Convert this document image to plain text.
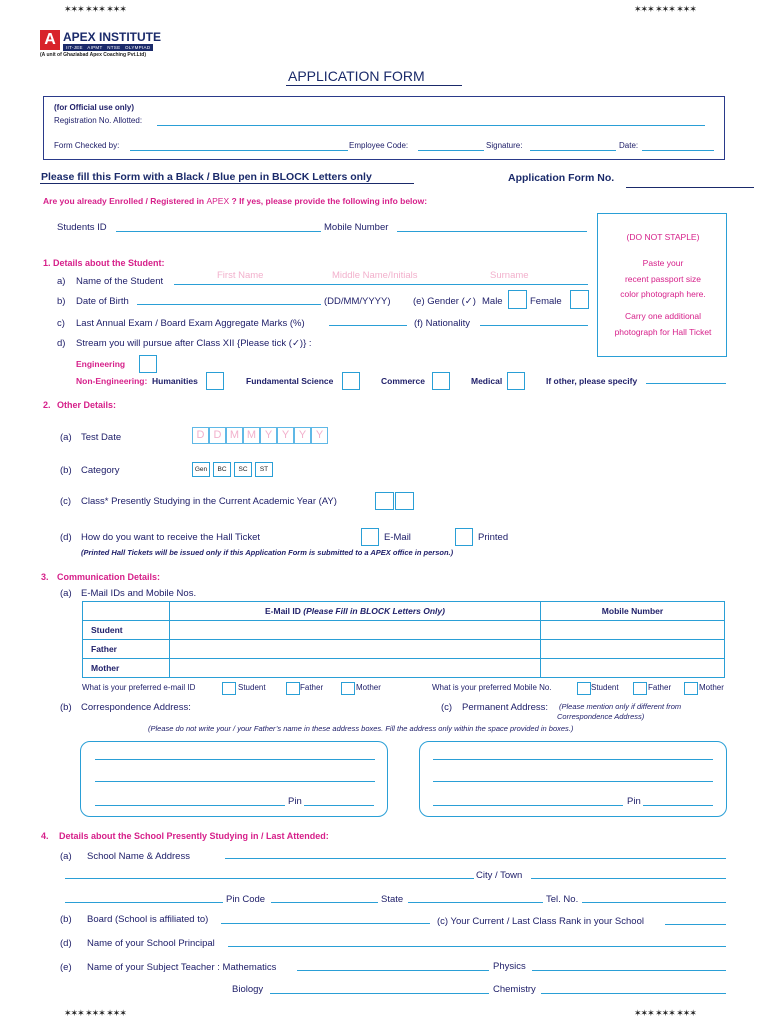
✶✶✶ ✶✶✶ ✶✶✶	✶✶✶ ✶✶✶ ✶✶✶
✶✶✶ ✶✶✶ ✶✶✶	✶✶✶ ✶✶✶ ✶✶✶
A APEX INSTITUTE
IIT-JEE AIPMT NTSE OLYMPIAD
(A unit of Ghaziabad Apex Coaching Pvt.Ltd)
APPLICATION FORM
(for Official use only)
Registration No. Allotted:
Form Checked by:	Employee Code:	Signature:	Date:
Please fill this Form with a Black / Blue pen in BLOCK Letters only	Application Form No.
Are you already Enrolled / Registered in APEX ? If yes, please provide the following info below:
Students ID	Mobile Number
(DO NOT STAPLE)
Paste your
recent passport size
color photograph here.
Carry one additional
photograph for Hall Ticket
1. Details about the Student:
a) Name of the Student
First Name	Middle Name/Initials	Surname
b) Date of Birth	(DD/MM/YYYY) (e) Gender (✓) Male	Female
c) Last Annual Exam / Board Exam Aggregate Marks (%)	(f) Nationality
d) Stream you will pursue after Class XII {Please tick (✓)} :
Engineering
Non-Engineering: Humanities	Fundamental Science	Commerce	Medical	If other, please specify
2. Other Details:
(a) Test Date	D D M M Y Y Y Y
(b) Category	Gen	BC	SC	ST
(c) Class* Presently Studying in the Current Academic Year (AY)
(d) How do you want to receive the Hall Ticket	E-Mail	Printed
(Printed Hall Tickets will be issued only if this Application Form is submitted to a APEX office in person.)
3. Communication Details:
(a) E-Mail IDs and Mobile Nos.
	E-Mail ID (Please Fill in BLOCK Letters Only)	Mobile Number
Student		
Father		
Mother		
What is your preferred e-mail ID	Student	Father	Mother	What is your preferred Mobile No.	Student	Father	Mother
(b) Correspondence Address:	(c) Permanent Address: (Please mention only if different from
Correspondence Address)
(Please do not write your / your Father’s name in these address boxes. Fill the address only within the space provided in boxes.)
Pin	Pin
4. Details about the School Presently Studying in / Last Attended:
(a) School Name & Address
City / Town
Pin Code	State	Tel. No.
(b) Board (School is affiliated to)	(c) Your Current / Last Class Rank in your School
(d) Name of your School Principal
(e) Name of your Subject Teacher : Mathematics	Physics
Biology	Chemistry
